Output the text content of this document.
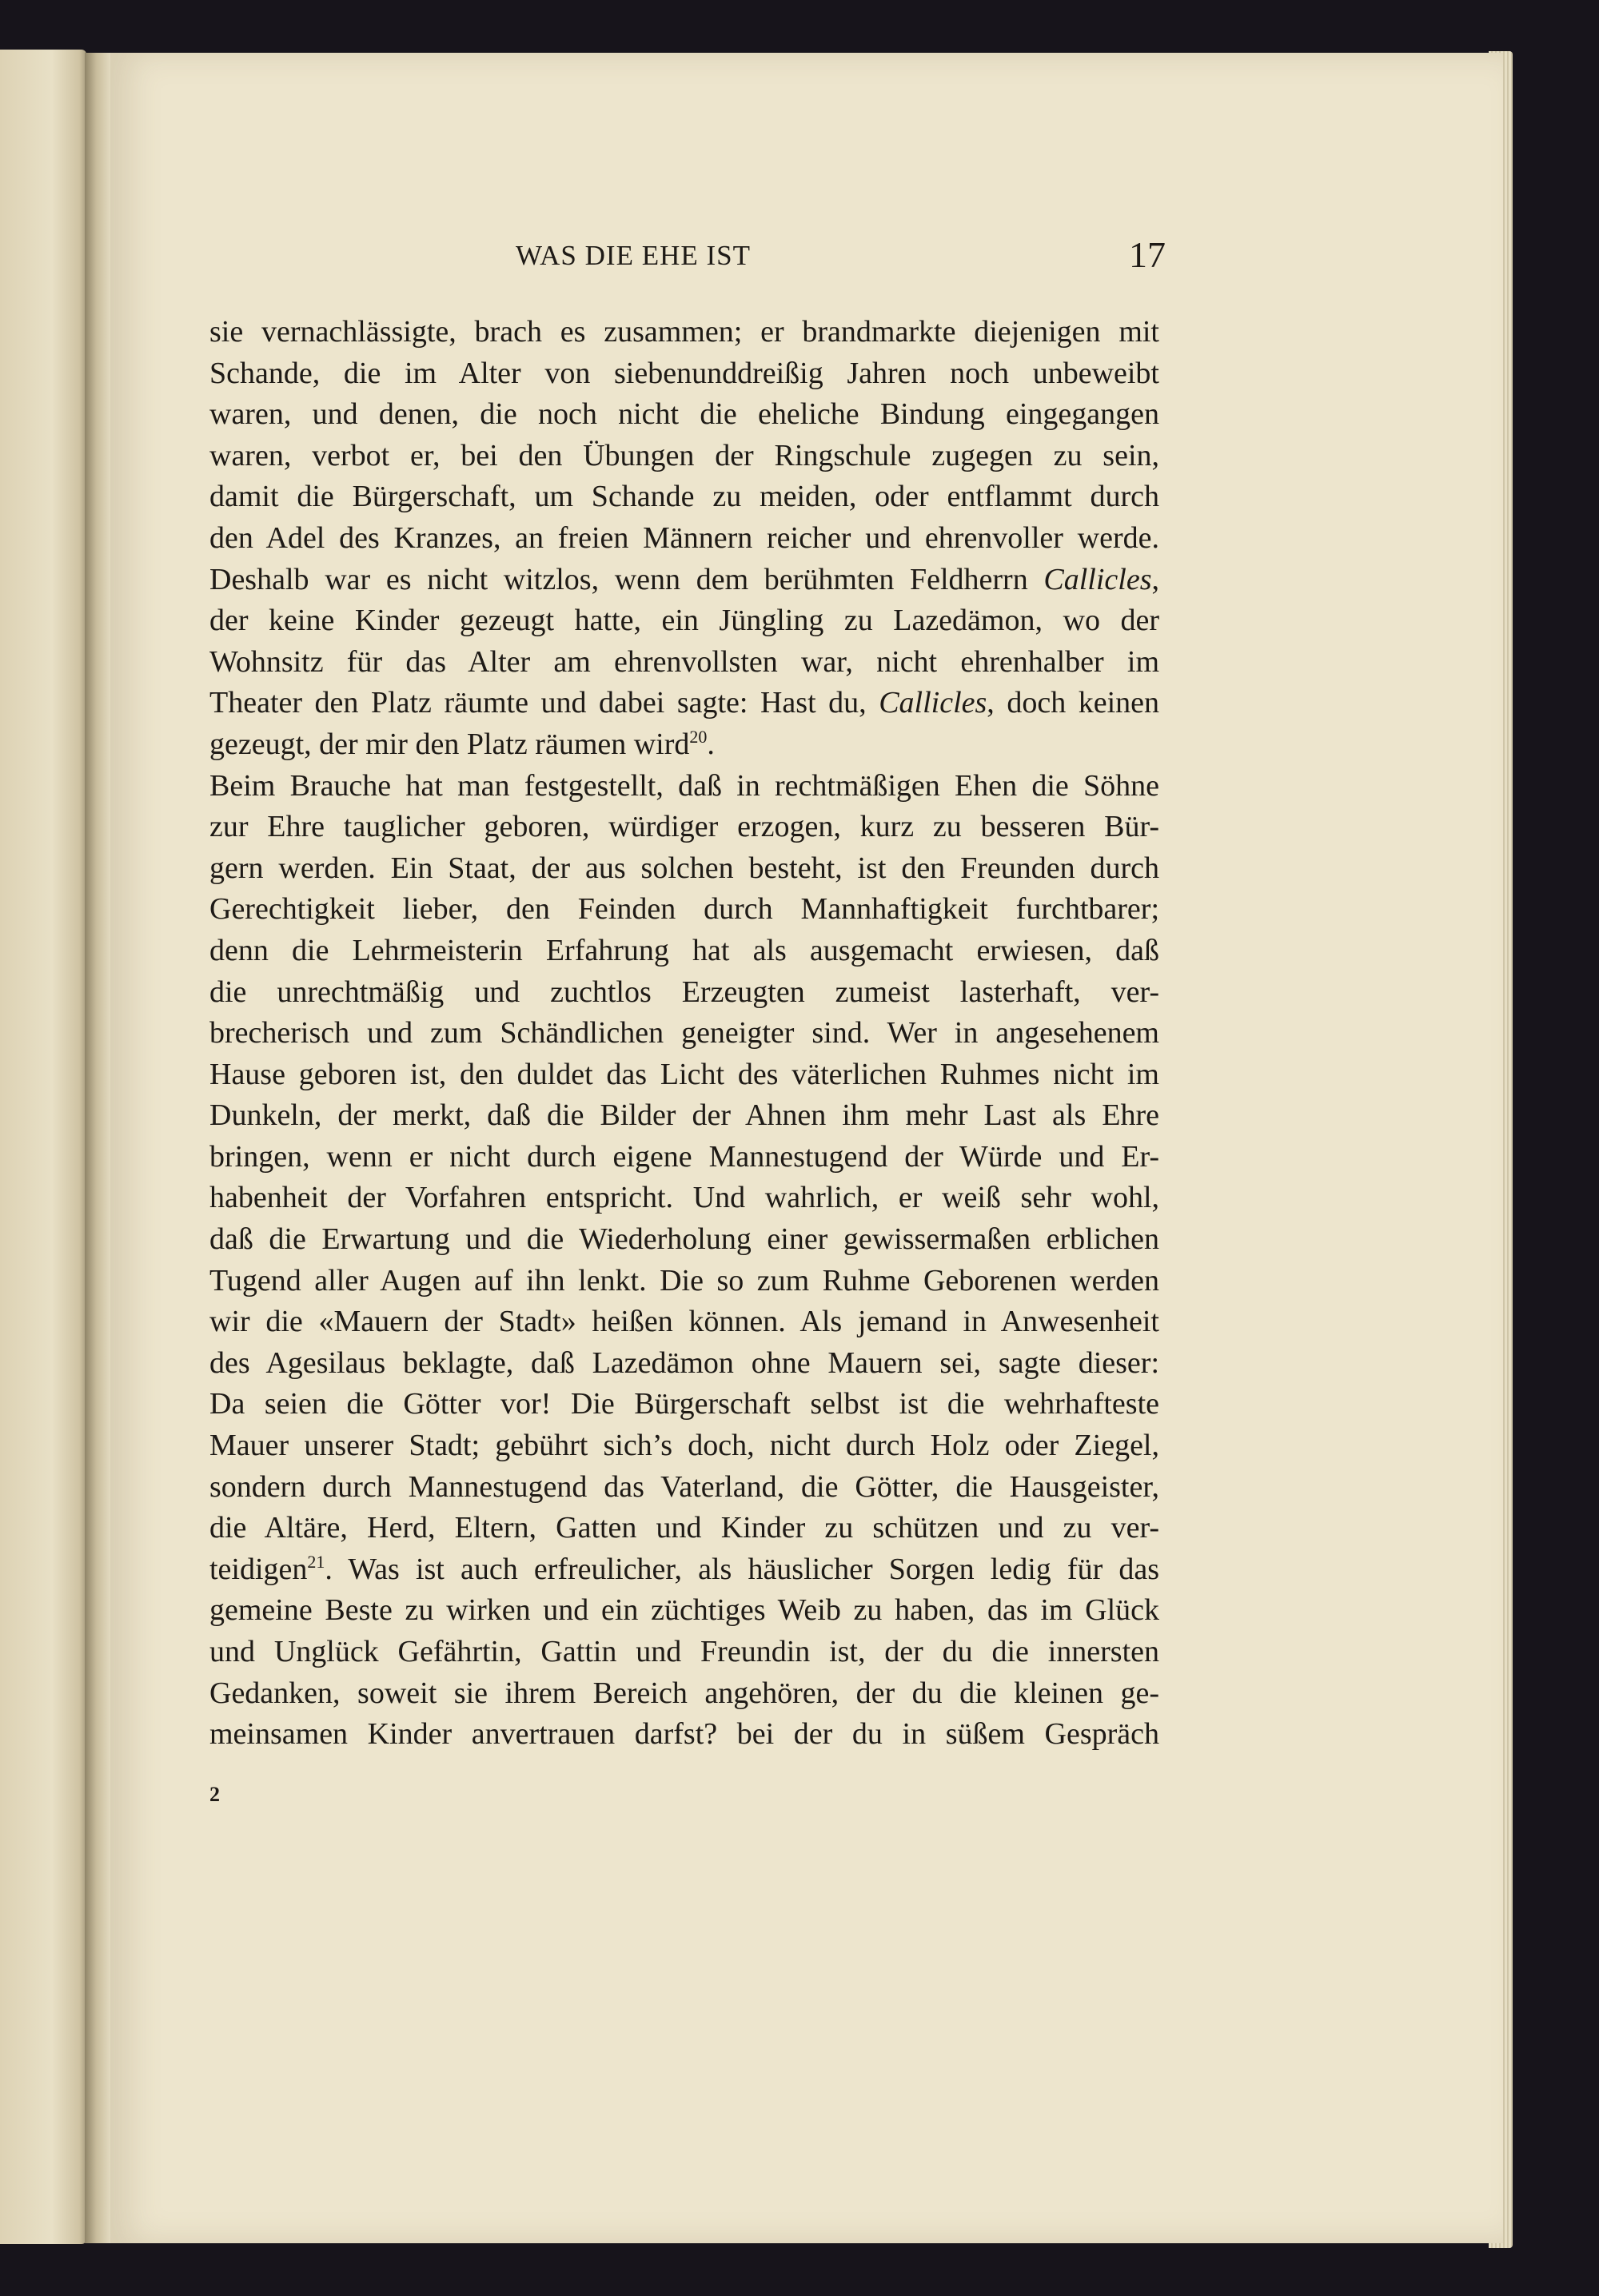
WAS DIE EHE IST	17
sie vernachlässigte, brach es zusammen; er brandmarkte diejenigen mit
Schande, die im Alter von siebenunddreißig Jahren noch unbeweibt
waren, und denen, die noch nicht die eheliche Bindung eingegangen
waren, verbot er, bei den Übungen der Ringschule zugegen zu sein,
damit die Bürgerschaft, um Schande zu meiden, oder entflammt durch
den Adel des Kranzes, an freien Männern reicher und ehrenvoller werde.
Deshalb war es nicht witzlos, wenn dem berühmten Feldherrn Callicles,
der keine Kinder gezeugt hatte, ein Jüngling zu Lazedämon, wo der
Wohnsitz für das Alter am ehrenvollsten war, nicht ehrenhalber im
Theater den Platz räumte und dabei sagte: Hast du, Callicles, doch keinen
gezeugt, der mir den Platz räumen wird$^{20}$.
Beim Brauche hat man festgestellt, daß in rechtmäßigen Ehen die Söhne
zur Ehre tauglicher geboren, würdiger erzogen, kurz zu besseren Bür-
gern werden. Ein Staat, der aus solchen besteht, ist den Freunden durch
Gerechtigkeit lieber, den Feinden durch Mannhaftigkeit furchtbarer;
denn die Lehrmeisterin Erfahrung hat als ausgemacht erwiesen, daß
die unrechtmäßig und zuchtlos Erzeugten zumeist lasterhaft, ver-
brecherisch und zum Schändlichen geneigter sind. Wer in angesehenem
Hause geboren ist, den duldet das Licht des väterlichen Ruhmes nicht im
Dunkeln, der merkt, daß die Bilder der Ahnen ihm mehr Last als Ehre
bringen, wenn er nicht durch eigene Mannestugend der Würde und Er-
habenheit der Vorfahren entspricht. Und wahrlich, er weiß sehr wohl,
daß die Erwartung und die Wiederholung einer gewissermaßen erblichen
Tugend aller Augen auf ihn lenkt. Die so zum Ruhme Geborenen werden
wir die «Mauern der Stadt» heißen können. Als jemand in Anwesenheit
des Agesilaus beklagte, daß Lazedämon ohne Mauern sei, sagte dieser:
Da seien die Götter vor! Die Bürgerschaft selbst ist die wehrhafteste
Mauer unserer Stadt; gebührt sich’s doch, nicht durch Holz oder Ziegel,
sondern durch Mannestugend das Vaterland, die Götter, die Hausgeister,
die Altäre, Herd, Eltern, Gatten und Kinder zu schützen und zu ver-
teidigen$^{21}$. Was ist auch erfreulicher, als häuslicher Sorgen ledig für das
gemeine Beste zu wirken und ein züchtiges Weib zu haben, das im Glück
und Unglück Gefährtin, Gattin und Freundin ist, der du die innersten
Gedanken, soweit sie ihrem Bereich angehören, der du die kleinen ge-
meinsamen Kinder anvertrauen darfst? bei der du in süßem Gespräch
2
